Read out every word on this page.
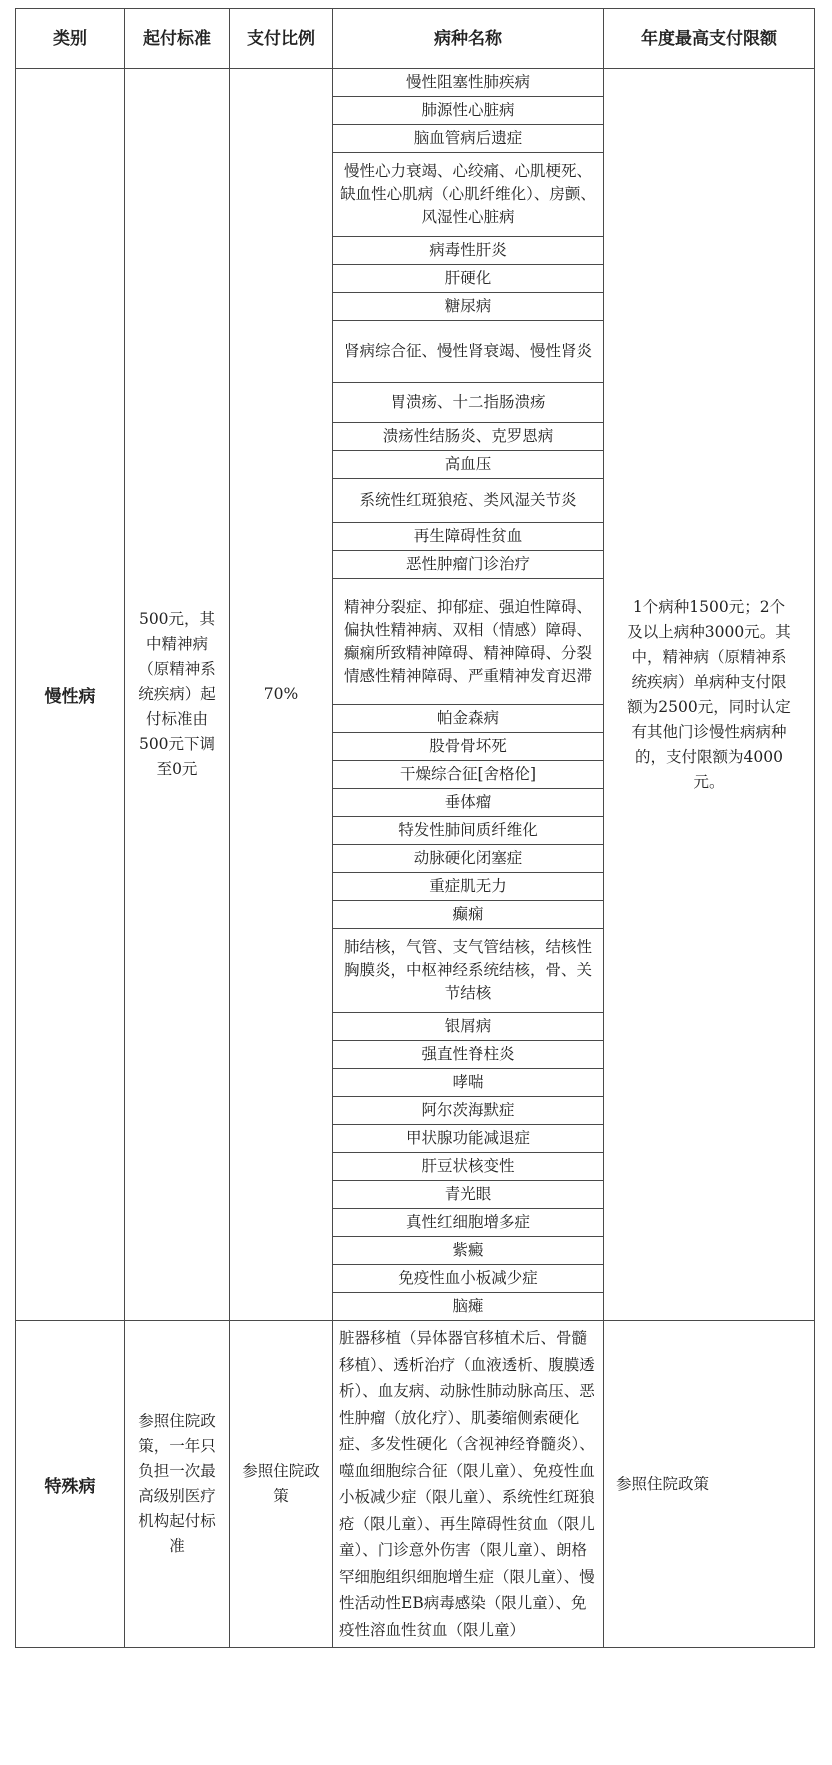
类别	起付标准	支付比例	病种名称	年度最高支付限额
慢性病	500元，其中精神病（原精神系统疾病）起付标准由500元下调至0元	70%	慢性阻塞性肺疾病	1个病种1500元；2个及以上病种3000元。其中，精神病（原精神系统疾病）单病种支付限额为2500元，同时认定有其他门诊慢性病病种的，支付限额为4000元。
			肺源性心脏病	
			脑血管病后遗症	
			慢性心力衰竭、心绞痛、心肌梗死、缺血性心肌病（心肌纤维化）、房颤、风湿性心脏病	
			病毒性肝炎	
			肝硬化	
			糖尿病	
			肾病综合征、慢性肾衰竭、慢性肾炎	
			胃溃疡、十二指肠溃疡	
			溃疡性结肠炎、克罗恩病	
			高血压	
			系统性红斑狼疮、类风湿关节炎	
			再生障碍性贫血	
			恶性肿瘤门诊治疗	
			精神分裂症、抑郁症、强迫性障碍、偏执性精神病、双相（情感）障碍、癫痫所致精神障碍、精神障碍、分裂情感性精神障碍、严重精神发育迟滞	
			帕金森病	
			股骨骨坏死	
			干燥综合征[舍格伦]	
			垂体瘤	
			特发性肺间质纤维化	
			动脉硬化闭塞症	
			重症肌无力	
			癫痫	
			肺结核，气管、支气管结核，结核性胸膜炎，中枢神经系统结核，骨、关节结核	
			银屑病	
			强直性脊柱炎	
			哮喘	
			阿尔茨海默症	
			甲状腺功能减退症	
			肝豆状核变性	
			青光眼	
			真性红细胞增多症	
			紫癜	
			免疫性血小板减少症	
			脑瘫	
特殊病	参照住院政策，一年只负担一次最高级别医疗机构起付标准	参照住院政策	脏器移植（异体器官移植术后、骨髓移植）、透析治疗（血液透析、腹膜透析）、血友病、动脉性肺动脉高压、恶性肿瘤（放化疗）、肌萎缩侧索硬化症、多发性硬化（含视神经脊髓炎）、噬血细胞综合征（限儿童）、免疫性血小板减少症（限儿童）、系统性红斑狼疮（限儿童）、再生障碍性贫血（限儿童）、门诊意外伤害（限儿童）、朗格罕细胞组织细胞增生症（限儿童）、慢性活动性EB病毒感染（限儿童）、免疫性溶血性贫血（限儿童）	参照住院政策
